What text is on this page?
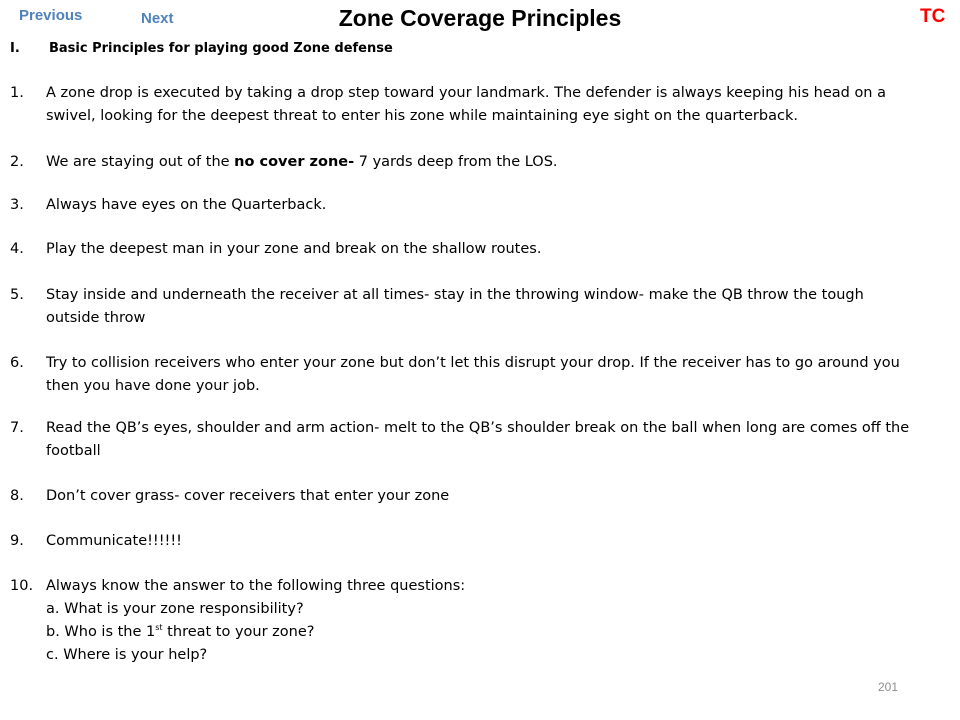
Previous	Next	TC
Zone Coverage Principles
I. Basic Principles for playing good Zone defense
1. A zone drop is executed by taking a drop step toward your landmark. The defender is always keeping his head on a
swivel, looking for the deepest threat to enter his zone while maintaining eye sight on the quarterback.
2. We are staying out of the no cover zone- 7 yards deep from the LOS.
3. Always have eyes on the Quarterback.
4. Play the deepest man in your zone and break on the shallow routes.
5. Stay inside and underneath the receiver at all times- stay in the throwing window- make the QB throw the tough
outside throw
6. Try to collision receivers who enter your zone but don’t let this disrupt your drop. If the receiver has to go around you
then you have done your job.
7. Read the QB’s eyes, shoulder and arm action- melt to the QB’s shoulder break on the ball when long are comes off the
football
8. Don’t cover grass- cover receivers that enter your zone
9. Communicate!!!!!!
10. Always know the answer to the following three questions:
a. What is your zone responsibility?
b. Who is the 1st threat to your zone?
c. Where is your help?
201
